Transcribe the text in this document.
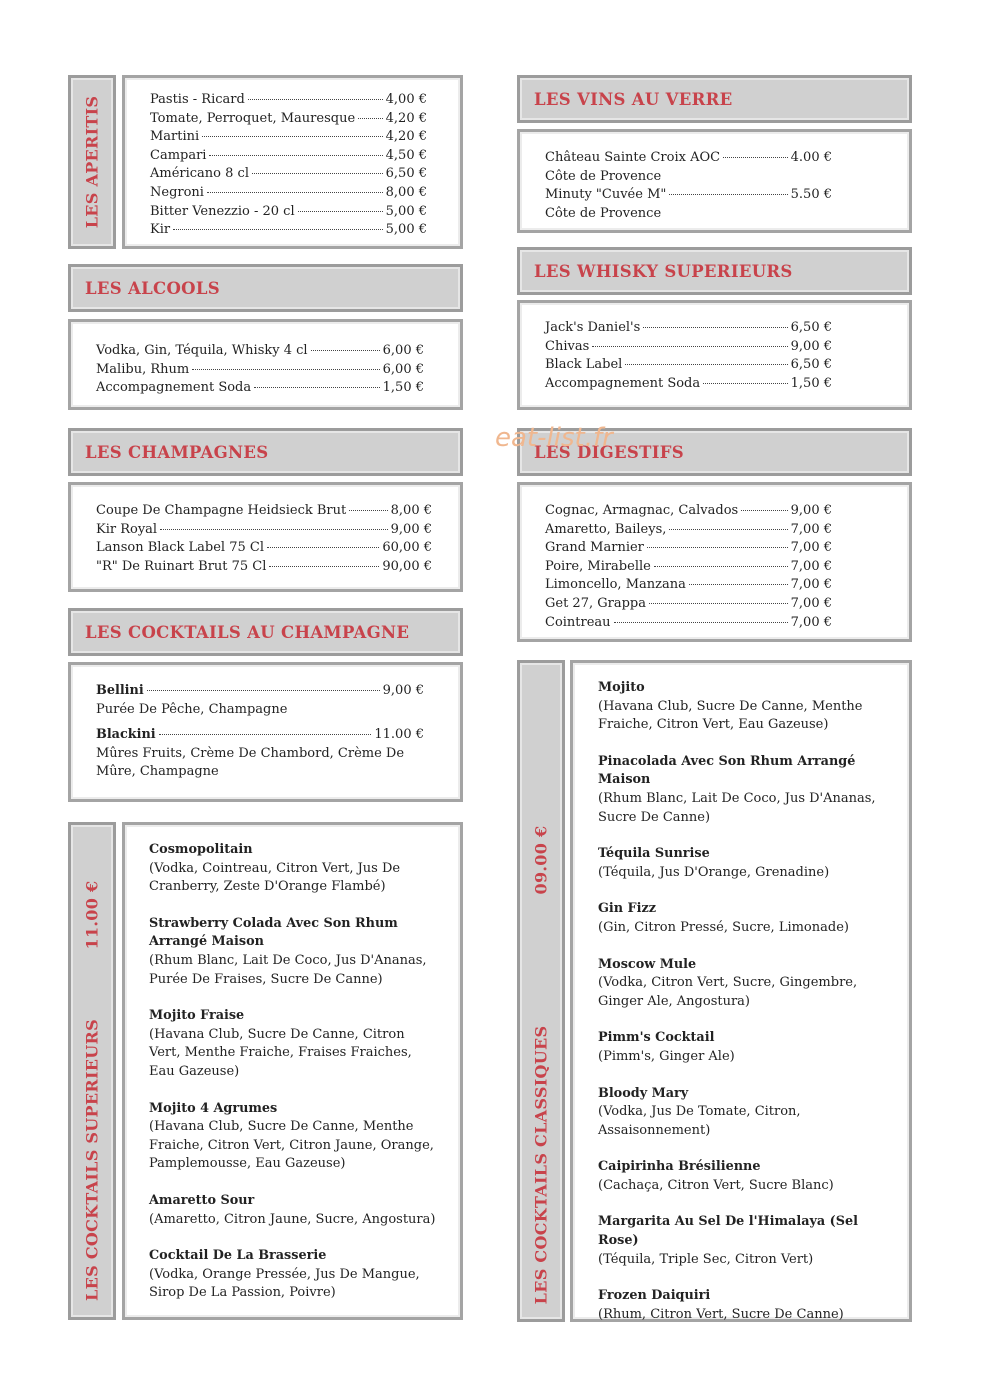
LES APERITIS	Pastis - Ricard	4,00 €
Tomate, Perroquet, Mauresque 4,20 €
Martini	4,20 €
Campari	4,50 €
Américano 8 cl	6,50 €
Negroni	8,00 €
Bitter Venezzio - 20 cl	5,00 €
Kir	5,00 €
LES ALCOOLS
Vodka, Gin, Téquila, Whisky 4 cl	6,00 €
Malibu, Rhum	6,00 €
Accompagnement Soda	1,50 €
LES CHAMPAGNES
Coupe De Champagne Heidsieck Brut	8,00 €
Kir Royal	9,00 €
Lanson Black Label 75 Cl	60,00 €
"R" De Ruinart Brut 75 Cl	90,00 €
LES COCKTAILS AU CHAMPAGNE
Bellini	9,00 €
Purée De Pêche, Champagne
Blackini	11.00 €
Mûres Fruits, Crème De Chambord, Crème De Mûre, Champagne
11.00 €
LES COCKTAILS SUPERIEURS
Cosmopolitain
(Vodka, Cointreau, Citron Vert, Jus De Cranberry, Zeste D'Orange Flambé)
Strawberry Colada Avec Son Rhum Arrangé Maison
(Rhum Blanc, Lait De Coco, Jus D'Ananas, Purée De Fraises, Sucre De Canne)
Mojito Fraise
(Havana Club, Sucre De Canne, Citron Vert, Menthe Fraiche, Fraises Fraiches, Eau Gazeuse)
Mojito 4 Agrumes
(Havana Club, Sucre De Canne, Menthe Fraiche, Citron Vert, Citron Jaune, Orange, Pamplemousse, Eau Gazeuse)
Amaretto Sour
(Amaretto, Citron Jaune, Sucre, Angostura)
Cocktail De La Brasserie
(Vodka, Orange Pressée, Jus De Mangue, Sirop De La Passion, Poivre)
LES VINS AU VERRE
Château Sainte Croix AOC	4.00 €
Côte de Provence
Minuty "Cuvée M"	5.50 €
Côte de Provence
LES WHISKY SUPERIEURS
Jack's Daniel's	6,50 €
Chivas	9,00 €
Black Label	6,50 €
Accompagnement Soda	1,50 €
LES DIGESTIFS
Cognac, Armagnac, Calvados	9,00 €
Amaretto, Baileys,	7,00 €
Grand Marnier	7,00 €
Poire, Mirabelle	7,00 €
Limoncello, Manzana	7,00 €
Get 27, Grappa	7,00 €
Cointreau	7,00 €
09.00 €
LES COCKTAILS CLASSIQUES
Mojito
(Havana Club, Sucre De Canne, Menthe Fraiche, Citron Vert, Eau Gazeuse)
Pinacolada Avec Son Rhum Arrangé Maison
(Rhum Blanc, Lait De Coco, Jus D'Ananas, Sucre De Canne)
Téquila Sunrise
(Téquila, Jus D'Orange, Grenadine)
Gin Fizz
(Gin, Citron Pressé, Sucre, Limonade)
Moscow Mule
(Vodka, Citron Vert, Sucre, Gingembre, Ginger Ale, Angostura)
Pimm's Cocktail
(Pimm's, Ginger Ale)
Bloody Mary
(Vodka, Jus De Tomate, Citron, Assaisonnement)
Caipirinha Brésilienne
(Cachaça, Citron Vert, Sucre Blanc)
Margarita Au Sel De l'Himalaya (Sel Rose)
(Téquila, Triple Sec, Citron Vert)
Frozen Daiquiri
(Rhum, Citron Vert, Sucre De Canne)
eat-list.fr
